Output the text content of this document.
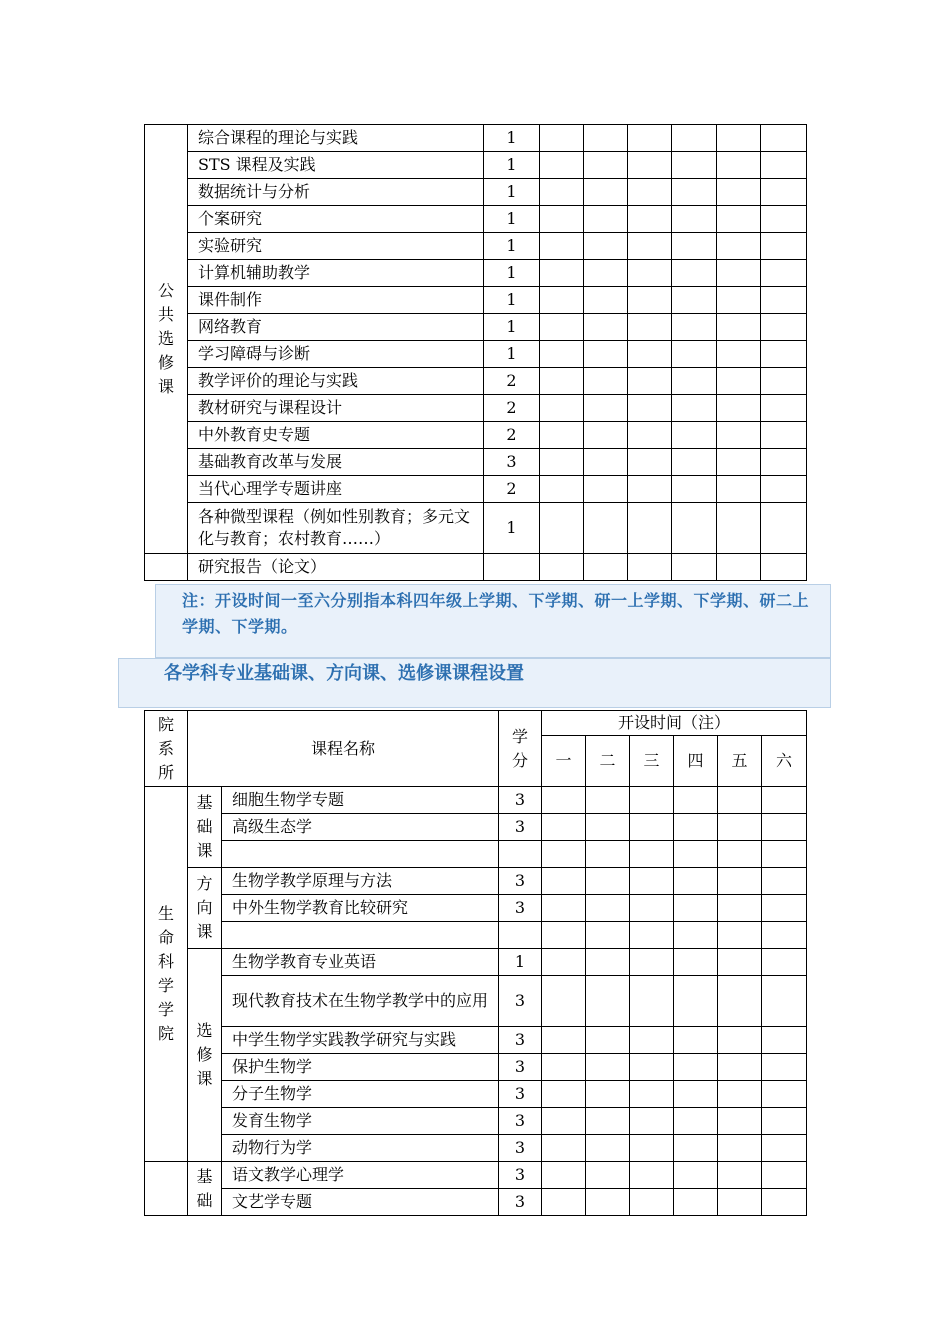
公共选修课	综合课程的理论与实践	1						
	STS 课程及实践	1						
	数据统计与分析	1						
	个案研究	1						
	实验研究	1						
	计算机辅助教学	1						
	课件制作	1						
	网络教育	1						
	学习障碍与诊断	1						
	教学评价的理论与实践	2						
	教材研究与课程设计	2						
	中外教育史专题	2						
	基础教育改革与发展	3						
	当代心理学专题讲座	2						
	各种微型课程（例如性别教育；多元文化与教育；农村教育……）	1						
	研究报告（论文）							
注：开设时间一至六分别指本科四年级上学期、下学期、研一上学期、下学期、研二上学期、下学期。
各学科专业基础课、方向课、选修课课程设置
院系所	课程名称		学分	开设时间（注）					
				一	二	三	四	五	六
生命科学学院	基础课	细胞生物学专题	3						
		高级生态学	3						

	方向课	生物学教学原理与方法	3						
		中外生物学教育比较研究	3						

	选修课	生物学教育专业英语	1						
		现代教育技术在生物学教学中的应用	3						
		中学生物学实践教学研究与实践	3						
		保护生物学	3						
		分子生物学	3						
		发育生物学	3						
		动物行为学	3						
	基础	语文教学心理学	3						
		文艺学专题	3						
